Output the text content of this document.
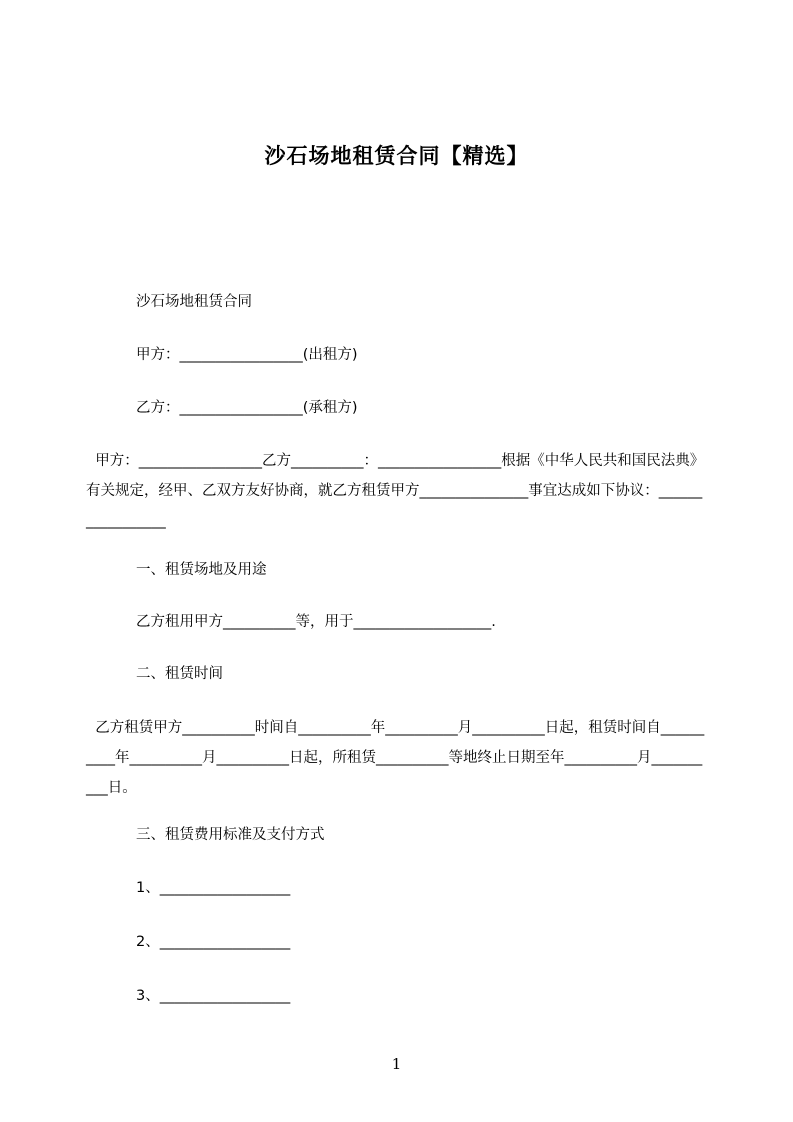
沙石场地租赁合同【精选】

沙石场地租赁合同

甲方：_________________(出租方)

乙方：_________________(承租方)

甲方：_________________乙方__________：_________________根据《中华人民共和国民法典》有关规定，经甲、乙双方友好协商，就乙方租赁甲方_______________事宜达成如下协议：_________________

一、租赁场地及用途

乙方租用甲方__________等，用于___________________.

二、租赁时间

乙方租赁甲方__________时间自__________年__________月__________日起，租赁时间自__________年__________月__________日起，所租赁__________等地终止日期至年__________月__________日。

三、租赁费用标准及支付方式

1、__________________

2、__________________

3、__________________

1
